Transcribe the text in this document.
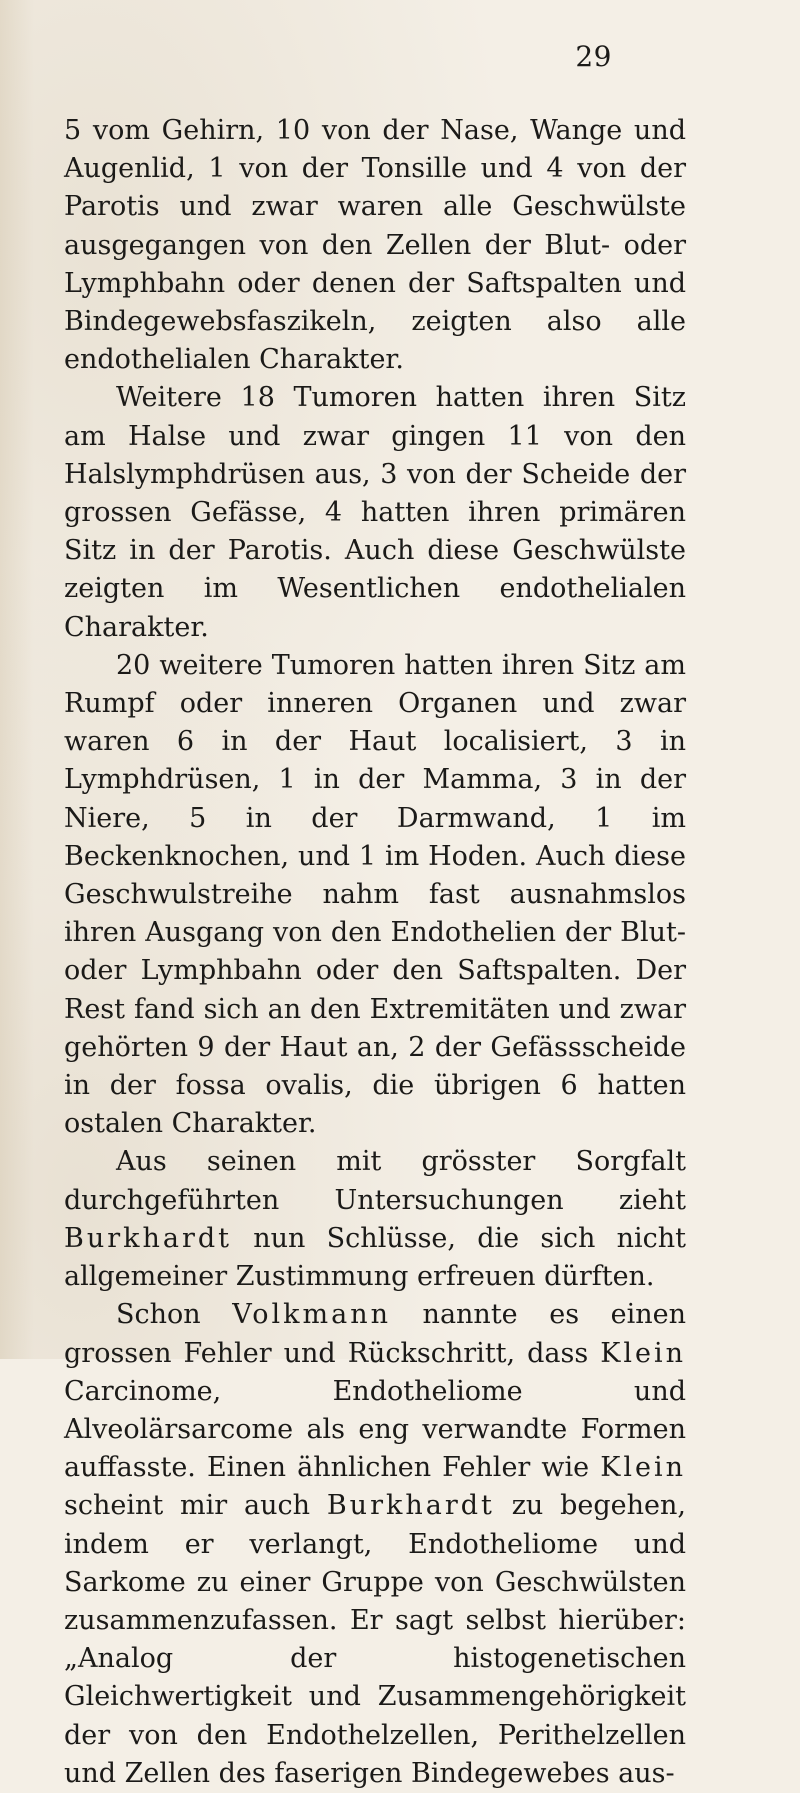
29

5 vom Gehirn, 10 von der Nase, Wange und Augenlid, 1 von der Tonsille und 4 von der Parotis und zwar waren alle Geschwülste ausgegangen von den Zellen der Blut- oder Lymphbahn oder denen der Saftspalten und Bindegewebsfaszikeln, zeigten also alle endothelialen Charakter.

Weitere 18 Tumoren hatten ihren Sitz am Halse und zwar gingen 11 von den Halslymphdrüsen aus, 3 von der Scheide der grossen Gefässe, 4 hatten ihren primären Sitz in der Parotis. Auch diese Geschwülste zeigten im Wesentlichen endothelialen Charakter.

20 weitere Tumoren hatten ihren Sitz am Rumpf oder inneren Organen und zwar waren 6 in der Haut localisiert, 3 in Lymphdrüsen, 1 in der Mamma, 3 in der Niere, 5 in der Darmwand, 1 im Beckenknochen, und 1 im Hoden. Auch diese Geschwulstreihe nahm fast ausnahmslos ihren Ausgang von den Endothelien der Blut- oder Lymphbahn oder den Saftspalten. Der Rest fand sich an den Extremitäten und zwar gehörten 9 der Haut an, 2 der Gefässscheide in der fossa ovalis, die übrigen 6 hatten ostalen Charakter.

Aus seinen mit grösster Sorgfalt durchgeführten Untersuchungen zieht Burkhardt nun Schlüsse, die sich nicht allgemeiner Zustimmung erfreuen dürften.

Schon Volkmann nannte es einen grossen Fehler und Rückschritt, dass Klein Carcinome, Endotheliome und Alveolärsarcome als eng verwandte Formen auffasste. Einen ähnlichen Fehler wie Klein scheint mir auch Burkhardt zu begehen, indem er verlangt, Endotheliome und Sarkome zu einer Gruppe von Geschwülsten zusammenzufassen. Er sagt selbst hierüber: „Analog der histogenetischen Gleichwertigkeit und Zusammengehörigkeit der von den Endothelzellen, Perithelzellen und Zellen des faserigen Bindegewebes aus-
